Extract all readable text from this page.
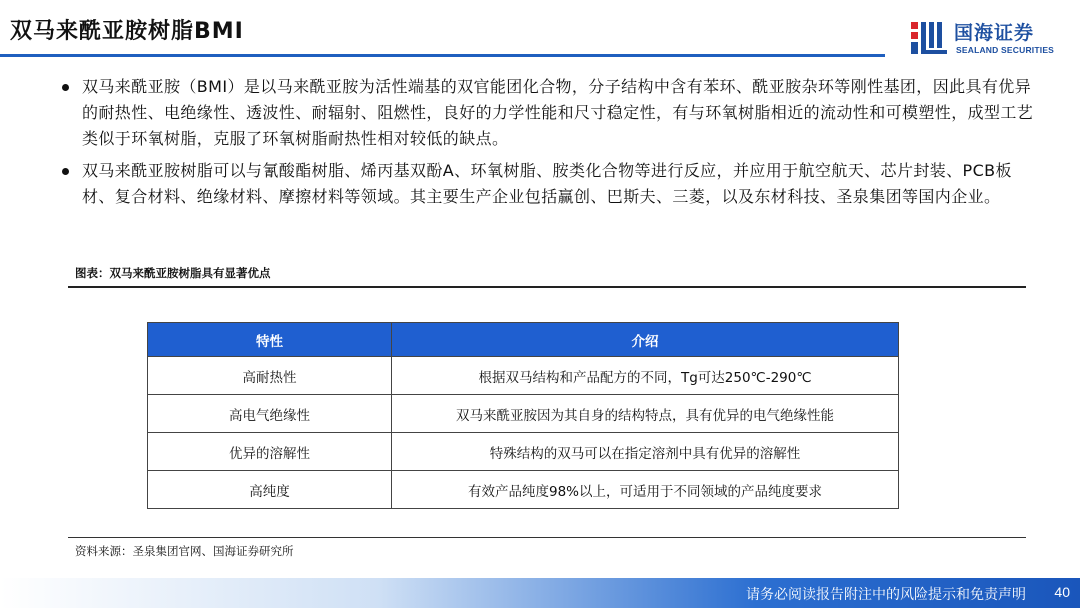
双马来酰亚胺树脂BMI	国海证券
SEALAND SECURITIES
双马来酰亚胺（BMI）是以马来酰亚胺为活性端基的双官能团化合物，分子结构中含有苯环、酰亚胺杂环等刚性基团，因此具有优异的耐热性、电绝缘性、透波性、耐辐射、阻燃性，良好的力学性能和尺寸稳定性，有与环氧树脂相近的流动性和可模塑性，成型工艺类似于环氧树脂，克服了环氧树脂耐热性相对较低的缺点。
双马来酰亚胺树脂可以与氰酸酯树脂、烯丙基双酚A、环氧树脂、胺类化合物等进行反应，并应用于航空航天、芯片封装、PCB板材、复合材料、绝缘材料、摩擦材料等领域。其主要生产企业包括赢创、巴斯夫、三菱，以及东材科技、圣泉集团等国内企业。
图表：双马来酰亚胺树脂具有显著优点
特性	介绍
高耐热性	根据双马结构和产品配方的不同，Tg可达250℃-290℃
高电气绝缘性	双马来酰亚胺因为其自身的结构特点，具有优异的电气绝缘性能
优异的溶解性	特殊结构的双马可以在指定溶剂中具有优异的溶解性
高纯度	有效产品纯度98%以上，可适用于不同领域的产品纯度要求
资料来源：圣泉集团官网、国海证券研究所
请务必阅读报告附注中的风险提示和免责声明 40
